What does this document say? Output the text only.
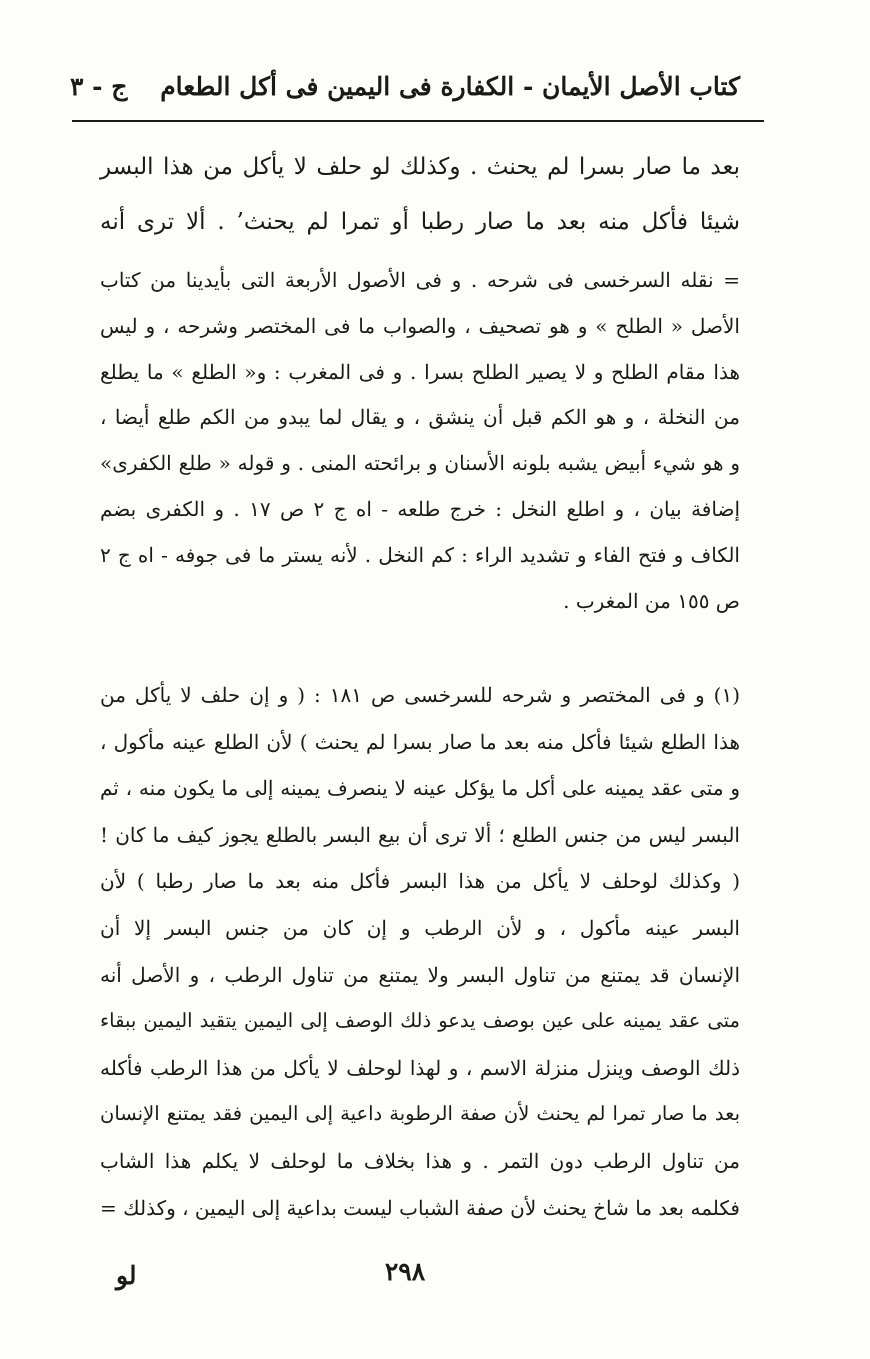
كتاب الأصل الأيمان - الكفارة فى اليمين فى أكل الطعام
ج - ٣
بعد ما صار بسرا لم يحنث . وكذلك لو حلف لا يأكل من هذا البسر
شيئا فأكل منه بعد ما صار رطبا أو تمرا لم يحنث’ . ألا ترى أنه
= نقله السرخسى فى شرحه . و فى الأصول الأربعة التى بأيدينا من كتاب
الأصل « الطلح » و هو تصحيف ، والصواب ما فى المختصر وشرحه ، و ليس
هذا مقام الطلح و لا يصير الطلح بسرا . و فى المغرب : و« الطلع » ما يطلع
من النخلة ، و هو الكم قبل أن ينشق ، و يقال لما يبدو من الكم طلع أيضا ،
و هو شيء أبيض يشبه بلونه الأسنان و برائحته المنى . و قوله « طلع الكفرى»
إضافة بيان ، و اطلع النخل : خرج طلعه - اه ج ٢ ص ١٧ . و الكفرى بضم
الكاف و فتح الفاء و تشديد الراء : كم النخل . لأنه يستر ما فى جوفه - اه ج ٢
ص ١٥٥ من المغرب .
(١) و فى المختصر و شرحه للسرخسى ص ١٨١ : ( و إن حلف لا يأكل من
هذا الطلع شيئا فأكل منه بعد ما صار بسرا لم يحنث ) لأن الطلع عينه مأكول ،
و متى عقد يمينه على أكل ما يؤكل عينه لا ينصرف يمينه إلى ما يكون منه ، ثم
البسر ليس من جنس الطلع ؛ ألا ترى أن بيع البسر بالطلع يجوز كيف ما كان !
( وكذلك لوحلف لا يأكل من هذا البسر فأكل منه بعد ما صار رطبا ) لأن
البسر عينه مأكول ، و لأن الرطب و إن كان من جنس البسر إلا أن
الإنسان قد يمتنع من تناول البسر ولا يمتنع من تناول الرطب ، و الأصل أنه
متى عقد يمينه على عين بوصف يدعو ذلك الوصف إلى اليمين يتقيد اليمين ببقاء
ذلك الوصف وينزل منزلة الاسم ، و لهذا لوحلف لا يأكل من هذا الرطب فأكله
بعد ما صار تمرا لم يحنث لأن صفة الرطوبة داعية إلى اليمين فقد يمتنع الإنسان
من تناول الرطب دون التمر . و هذا بخلاف ما لوحلف لا يكلم هذا الشاب
فكلمه بعد ما شاخ يحنث لأن صفة الشباب ليست بداعية إلى اليمين ، وكذلك =
٢٩٨
لو
